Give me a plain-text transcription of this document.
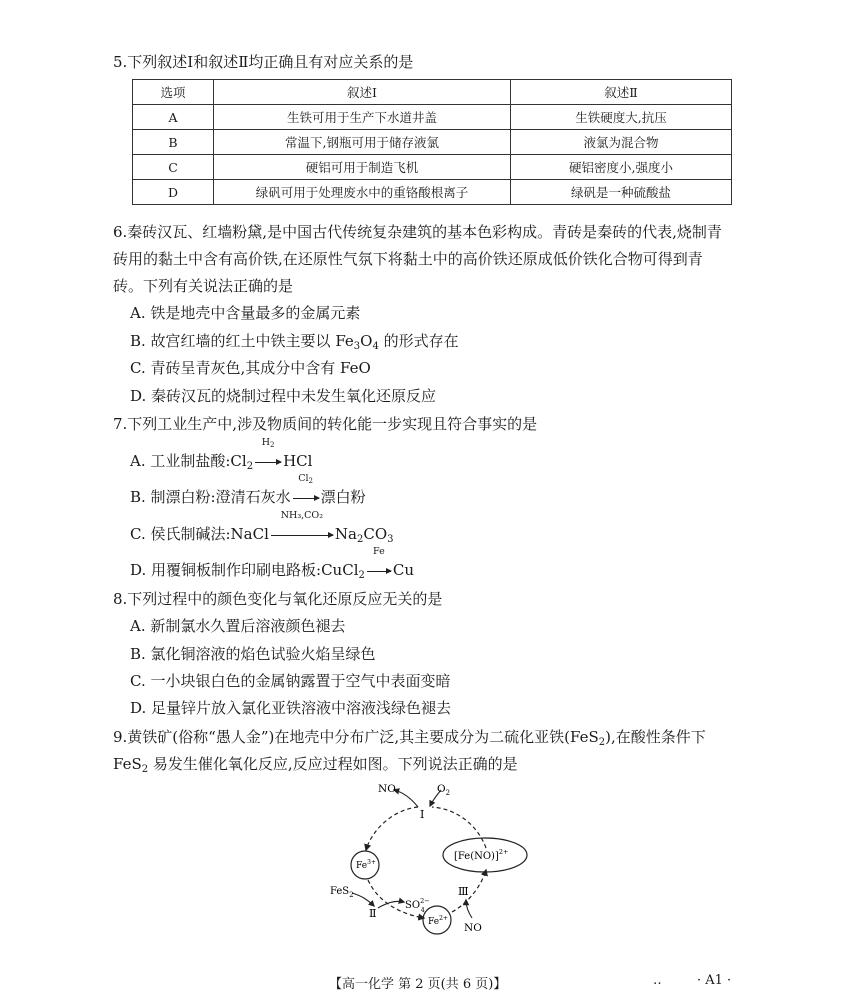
5.下列叙述Ⅰ和叙述Ⅱ均正确且有对应关系的是
选项	叙述Ⅰ	叙述Ⅱ
A	生铁可用于生产下水道井盖	生铁硬度大,抗压
B	常温下,钢瓶可用于储存液氯	液氯为混合物
C	硬铝可用于制造飞机	硬铝密度小,强度小
D	绿矾可用于处理废水中的重铬酸根离子	绿矾是一种硫酸盐
6.秦砖汉瓦、红墙粉黛,是中国古代传统复杂建筑的基本色彩构成。青砖是秦砖的代表,烧制青
砖用的黏土中含有高价铁,在还原性气氛下将黏土中的高价铁还原成低价铁化合物可得到青
砖。下列有关说法正确的是
A. 铁是地壳中含量最多的金属元素
B. 故宫红墙的红土中铁主要以 $Fe_3O_4$ 的形式存在
C. 青砖呈青灰色,其成分中含有 FeO
D. 秦砖汉瓦的烧制过程中未发生氧化还原反应
7.下列工业生产中,涉及物质间的转化能一步实现且符合事实的是
A. 工业制盐酸$:Cl_2$
$H_2$
HCl
B. 制漂白粉:澄清石灰水
$Cl_2$
漂白粉
C. 侯氏制碱法:NaCl
NH₃,CO₂
$Na_2CO_3$
D. 用覆铜板制作印刷电路板:CuCl$_2$
Fe
Cu
8.下列过程中的颜色变化与氧化还原反应无关的是
A. 新制氯水久置后溶液颜色褪去
B. 氯化铜溶液的焰色试验火焰呈绿色
C. 一小块银白色的金属钠露置于空气中表面变暗
D. 足量锌片放入氯化亚铁溶液中溶液浅绿色褪去
9.黄铁矿(俗称“愚人金”)在地壳中分布广泛,其主要成分为二硫化亚铁(FeS$_2$),在酸性条件下
FeS$_2$ 易发生催化氧化反应,反应过程如图。下列说法正确的是
NO	$O_2$
Ⅰ
$[Fe(NO)]^{2+}$
$Fe^{3+}$
FeS$_2$
Ⅱ
$SO^{2-}$ 4
$Fe^{2+}$
Ⅲ
NO
【高一化学 第 2 页(共 6 页)】	‥	· A1 ·
